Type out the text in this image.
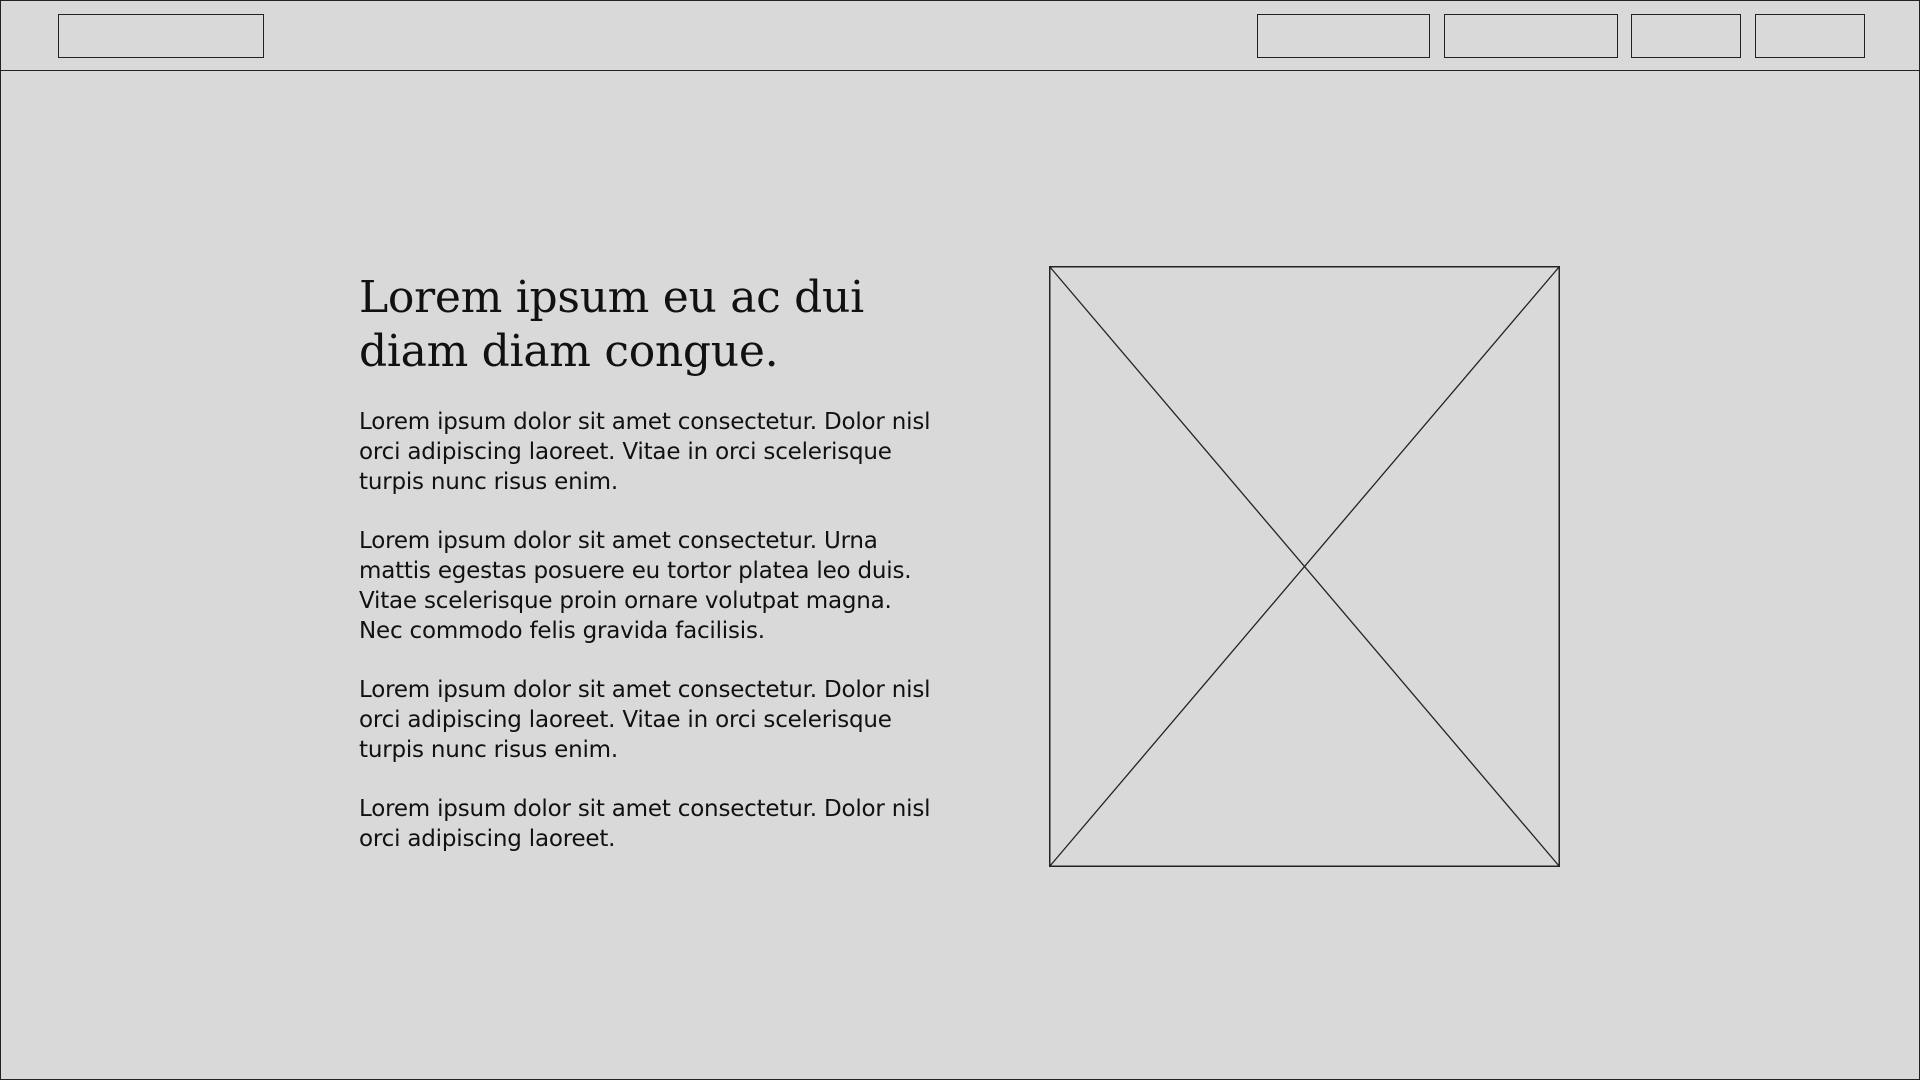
Lorem ipsum eu ac dui
diam diam congue.

Lorem ipsum dolor sit amet consectetur. Dolor nisl
orci adipiscing laoreet. Vitae in orci scelerisque
turpis nunc risus enim.

Lorem ipsum dolor sit amet consectetur. Urna
mattis egestas posuere eu tortor platea leo duis.
Vitae scelerisque proin ornare volutpat magna.
Nec commodo felis gravida facilisis.

Lorem ipsum dolor sit amet consectetur. Dolor nisl
orci adipiscing laoreet. Vitae in orci scelerisque
turpis nunc risus enim.

Lorem ipsum dolor sit amet consectetur. Dolor nisl
orci adipiscing laoreet.
